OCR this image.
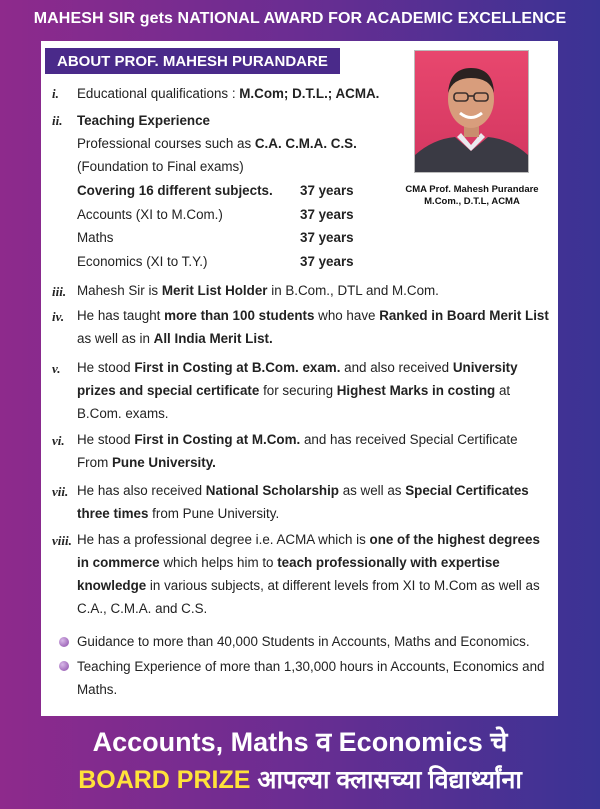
MAHESH SIR gets NATIONAL AWARD FOR ACADEMIC EXCELLENCE
ABOUT PROF. MAHESH PURANDARE
CMA Prof. Mahesh Purandare
M.Com., D.T.L, ACMA
i. Educational qualifications : M.Com; D.T.L.; ACMA.
ii. Teaching Experience
Professional courses such as C.A. C.M.A. C.S.
(Foundation to Final exams)
Covering 16 different subjects. 37 years
Accounts (XI to M.Com.)	37 years
Maths	37 years
Economics (XI to T.Y.)	37 years
iii. Mahesh Sir is Merit List Holder in B.Com., DTL and M.Com.
iv. He has taught more than 100 students who have Ranked in Board Merit List as well as in All India Merit List.
v. He stood First in Costing at B.Com. exam. and also received University prizes and special certificate for securing Highest Marks in costing at B.Com. exams.
vi. He stood First in Costing at M.Com. and has received Special Certificate From Pune University.
vii. He has also received National Scholarship as well as Special Certificates three times from Pune University.
viii. He has a professional degree i.e. ACMA which is one of the highest degrees in commerce which helps him to teach professionally with expertise knowledge in various subjects, at different levels from XI to M.Com as well as C.A., C.M.A. and C.S.
Guidance to more than 40,000 Students in Accounts, Maths and Economics.
Teaching Experience of more than 1,30,000 hours in Accounts, Economics and Maths.
Accounts, Maths व Economics चे
BOARD PRIZE आपल्या क्लासच्या विद्यार्थ्यांना
